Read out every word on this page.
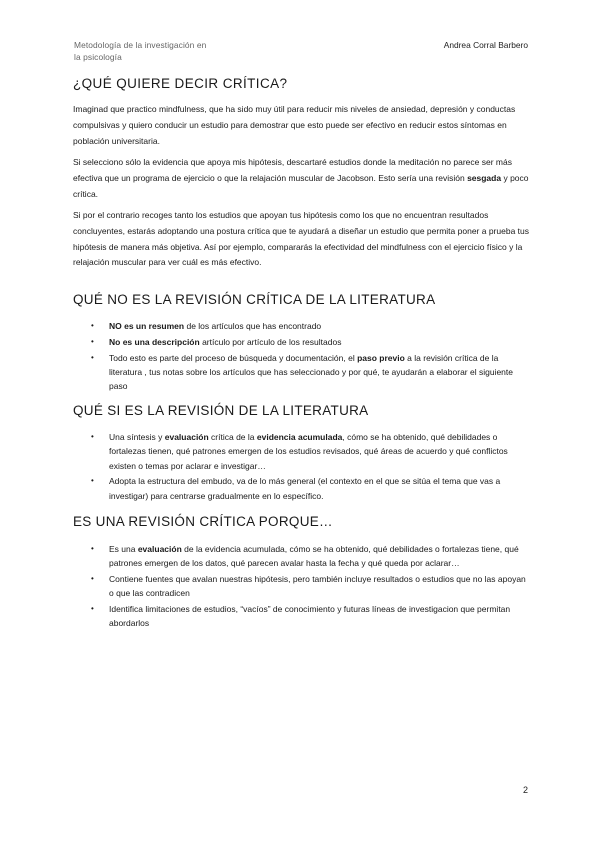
Metodología de la investigación en
la psicología
Andrea Corral Barbero
¿QUÉ QUIERE DECIR CRÍTICA?

Imaginad que practico mindfulness, que ha sido muy útil para reducir mis niveles de ansiedad, depresión y conductas compulsivas y quiero conducir un estudio para demostrar que esto puede ser efectivo en reducir estos síntomas en población universitaria.

Si selecciono sólo la evidencia que apoya mis hipótesis, descartaré estudios donde la meditación no parece ser más efectiva que un programa de ejercicio o que la relajación muscular de Jacobson. Esto sería una revisión sesgada y poco crítica.

Si por el contrario recoges tanto los estudios que apoyan tus hipótesis como los que no encuentran resultados concluyentes, estarás adoptando una postura crítica que te ayudará a diseñar un estudio que permita poner a prueba tus hipótesis de manera más objetiva. Así por ejemplo, compararás la efectividad del mindfulness con el ejercicio físico y la relajación muscular para ver cuál es más efectivo.

QUÉ NO ES LA REVISIÓN CRÍTICA DE LA LITERATURA
• NO es un resumen de los artículos que has encontrado
• No es una descripción artículo por artículo de los resultados
• Todo esto es parte del proceso de búsqueda y documentación, el paso previo a la revisión crítica de la literatura , tus notas sobre los artículos que has seleccionado y por qué, te ayudarán a elaborar el siguiente paso
QUÉ SI ES LA REVISIÓN DE LA LITERATURA
• Una síntesis y evaluación crítica de la evidencia acumulada, cómo se ha obtenido, qué debilidades o fortalezas tienen, qué patrones emergen de los estudios revisados, qué áreas de acuerdo y qué conflictos existen o temas por aclarar e investigar…
• Adopta la estructura del embudo, va de lo más general (el contexto en el que se sitúa el tema que vas a investigar) para centrarse gradualmente en lo específico.
ES UNA REVISIÓN CRÍTICA PORQUE…
• Es una evaluación de la evidencia acumulada, cómo se ha obtenido, qué debilidades o fortalezas tiene, qué patrones emergen de los datos, qué parecen avalar hasta la fecha y qué queda por aclarar…
• Contiene fuentes que avalan nuestras hipótesis, pero también incluye resultados o estudios que no las apoyan o que las contradicen
• Identifica limitaciones de estudios, “vacíos” de conocimiento y futuras líneas de investigacion que permitan abordarlos
2
